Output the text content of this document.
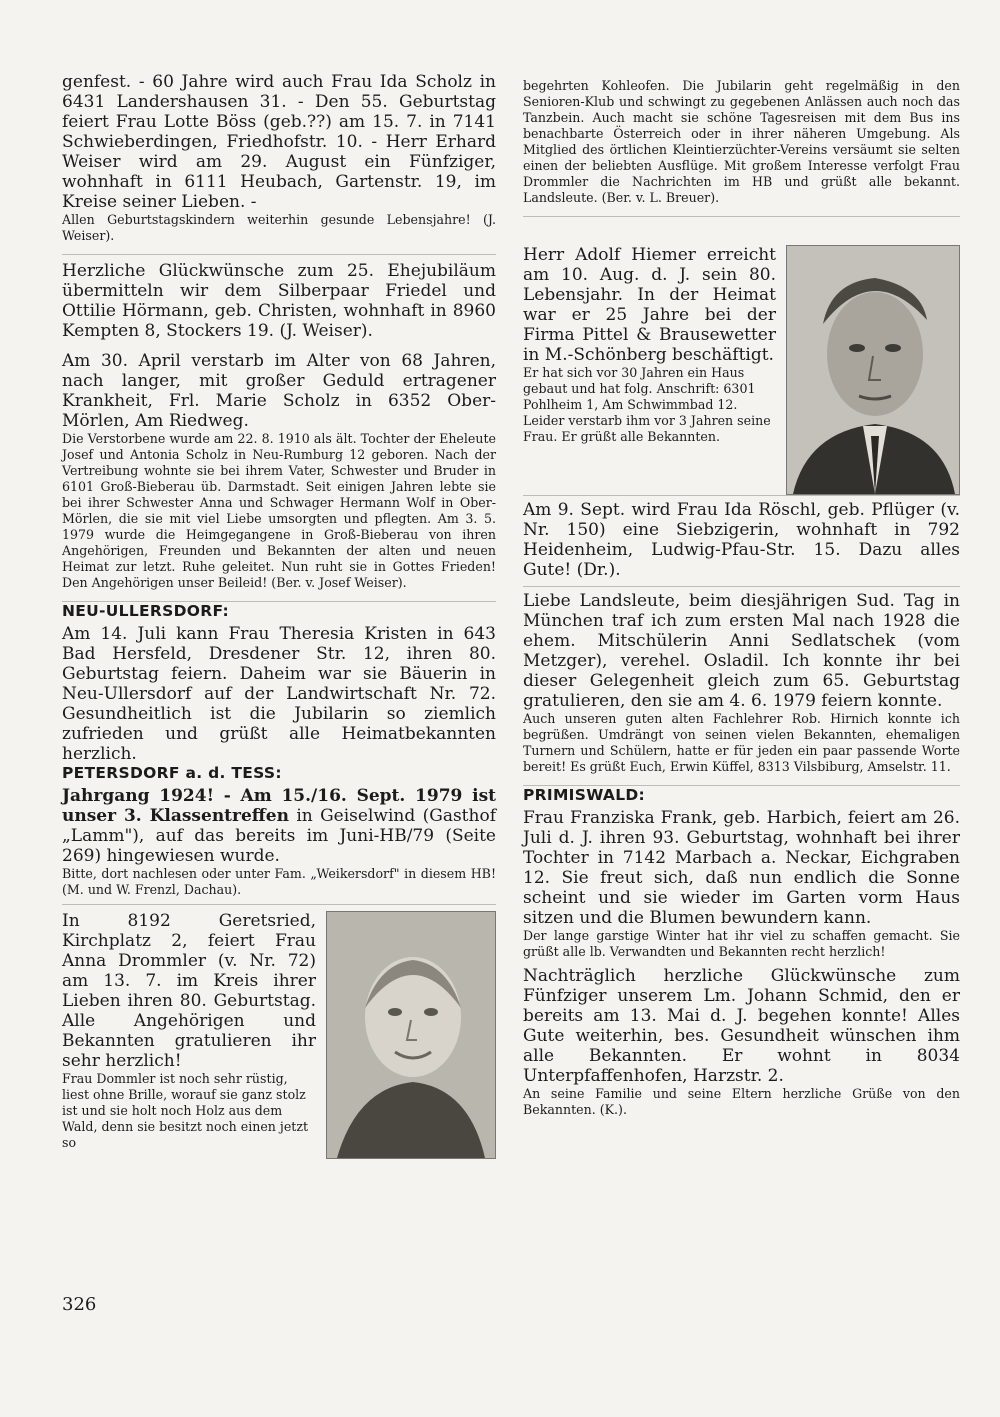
genfest. - 60 Jahre wird auch Frau Ida Scholz in 6431 Landershausen 31. - Den 55. Geburtstag feiert Frau Lotte Böss (geb.??) am 15. 7. in 7141 Schwieberdingen, Friedhofstr. 10. - Herr Erhard Weiser wird am 29. August ein Fünfziger, wohnhaft in 6111 Heubach, Gartenstr. 19, im Kreise seiner Lieben. -

Allen Geburtstagskindern weiterhin gesunde Lebensjahre! (J. Weiser).

Herzliche Glückwünsche zum 25. Ehejubiläum übermitteln wir dem Silberpaar Friedel und Ottilie Hörmann, geb. Christen, wohnhaft in 8960 Kempten 8, Stockers 19. (J. Weiser).

Am 30. April verstarb im Alter von 68 Jahren, nach langer, mit großer Geduld ertragener Krankheit, Frl. Marie Scholz in 6352 Ober-Mörlen, Am Riedweg.

Die Verstorbene wurde am 22. 8. 1910 als ält. Tochter der Eheleute Josef und Antonia Scholz in Neu-Rumburg 12 geboren. Nach der Vertreibung wohnte sie bei ihrem Vater, Schwester und Bruder in 6101 Groß-Bieberau üb. Darmstadt. Seit einigen Jahren lebte sie bei ihrer Schwester Anna und Schwager Hermann Wolf in Ober-Mörlen, die sie mit viel Liebe umsorgten und pflegten. Am 3. 5. 1979 wurde die Heimgegangene in Groß-Bieberau von ihren Angehörigen, Freunden und Bekannten der alten und neuen Heimat zur letzt. Ruhe geleitet. Nun ruht sie in Gottes Frieden! Den Angehörigen unser Beileid! (Ber. v. Josef Weiser).

NEU-ULLERSDORF:

Am 14. Juli kann Frau Theresia Kristen in 643 Bad Hersfeld, Dresdener Str. 12, ihren 80. Geburtstag feiern. Daheim war sie Bäuerin in Neu-Ullersdorf auf der Landwirtschaft Nr. 72. Gesundheitlich ist die Jubilarin so ziemlich zufrieden und grüßt alle Heimatbekannten herzlich.

PETERSDORF a. d. TESS:

Jahrgang 1924! - Am 15./16. Sept. 1979 ist unser 3. Klassentreffen in Geiselwind (Gasthof „Lamm"), auf das bereits im Juni-HB/79 (Seite 269) hingewiesen wurde.

Bitte, dort nachlesen oder unter Fam. „Weikersdorf" in diesem HB! (M. und W. Frenzl, Dachau).

In 8192 Geretsried, Kirchplatz 2, feiert Frau Anna Drommler (v. Nr. 72) am 13. 7. im Kreis ihrer Lieben ihren 80. Geburtstag. Alle Angehörigen und Bekannten gratulieren ihr sehr herzlich!

Frau Dommler ist noch sehr rüstig, liest ohne Brille, worauf sie ganz stolz ist und sie holt noch Holz aus dem Wald, denn sie besitzt noch einen jetzt so

begehrten Kohleofen. Die Jubilarin geht regelmäßig in den Senioren-Klub und schwingt zu gegebenen Anlässen auch noch das Tanzbein. Auch macht sie schöne Tagesreisen mit dem Bus ins benachbarte Österreich oder in ihrer näheren Umgebung. Als Mitglied des örtlichen Kleintierzüchter-Vereins versäumt sie selten einen der beliebten Ausflüge. Mit großem Interesse verfolgt Frau Drommler die Nachrichten im HB und grüßt alle bekannt. Landsleute. (Ber. v. L. Breuer).

Herr Adolf Hiemer erreicht am 10. Aug. d. J. sein 80. Lebensjahr. In der Heimat war er 25 Jahre bei der Firma Pittel & Brausewetter in M.-Schönberg beschäftigt.

Er hat sich vor 30 Jahren ein Haus gebaut und hat folg. Anschrift: 6301 Pohlheim 1, Am Schwimmbad 12. Leider verstarb ihm vor 3 Jahren seine Frau. Er grüßt alle Bekannten.

Am 9. Sept. wird Frau Ida Röschl, geb. Pflüger (v. Nr. 150) eine Siebzigerin, wohnhaft in 792 Heidenheim, Ludwig-Pfau-Str. 15. Dazu alles Gute! (Dr.).

Liebe Landsleute, beim diesjährigen Sud. Tag in München traf ich zum ersten Mal nach 1928 die ehem. Mitschülerin Anni Sedlatschek (vom Metzger), verehel. Osladil. Ich konnte ihr bei dieser Gelegenheit gleich zum 65. Geburtstag gratulieren, den sie am 4. 6. 1979 feiern konnte.

Auch unseren guten alten Fachlehrer Rob. Hirnich konnte ich begrüßen. Umdrängt von seinen vielen Bekannten, ehemaligen Turnern und Schülern, hatte er für jeden ein paar passende Worte bereit! Es grüßt Euch, Erwin Küffel, 8313 Vilsbiburg, Amselstr. 11.

PRIMISWALD:

Frau Franziska Frank, geb. Harbich, feiert am 26. Juli d. J. ihren 93. Geburtstag, wohnhaft bei ihrer Tochter in 7142 Marbach a. Neckar, Eichgraben 12. Sie freut sich, daß nun endlich die Sonne scheint und sie wieder im Garten vorm Haus sitzen und die Blumen bewundern kann.

Der lange garstige Winter hat ihr viel zu schaffen gemacht. Sie grüßt alle lb. Verwandten und Bekannten recht herzlich!

Nachträglich herzliche Glückwünsche zum Fünfziger unserem Lm. Johann Schmid, den er bereits am 13. Mai d. J. begehen konnte! Alles Gute weiterhin, bes. Gesundheit wünschen ihm alle Bekannten. Er wohnt in 8034 Unterpfaffenhofen, Harzstr. 2.

An seine Familie und seine Eltern herzliche Grüße von den Bekannten. (K.).

326
